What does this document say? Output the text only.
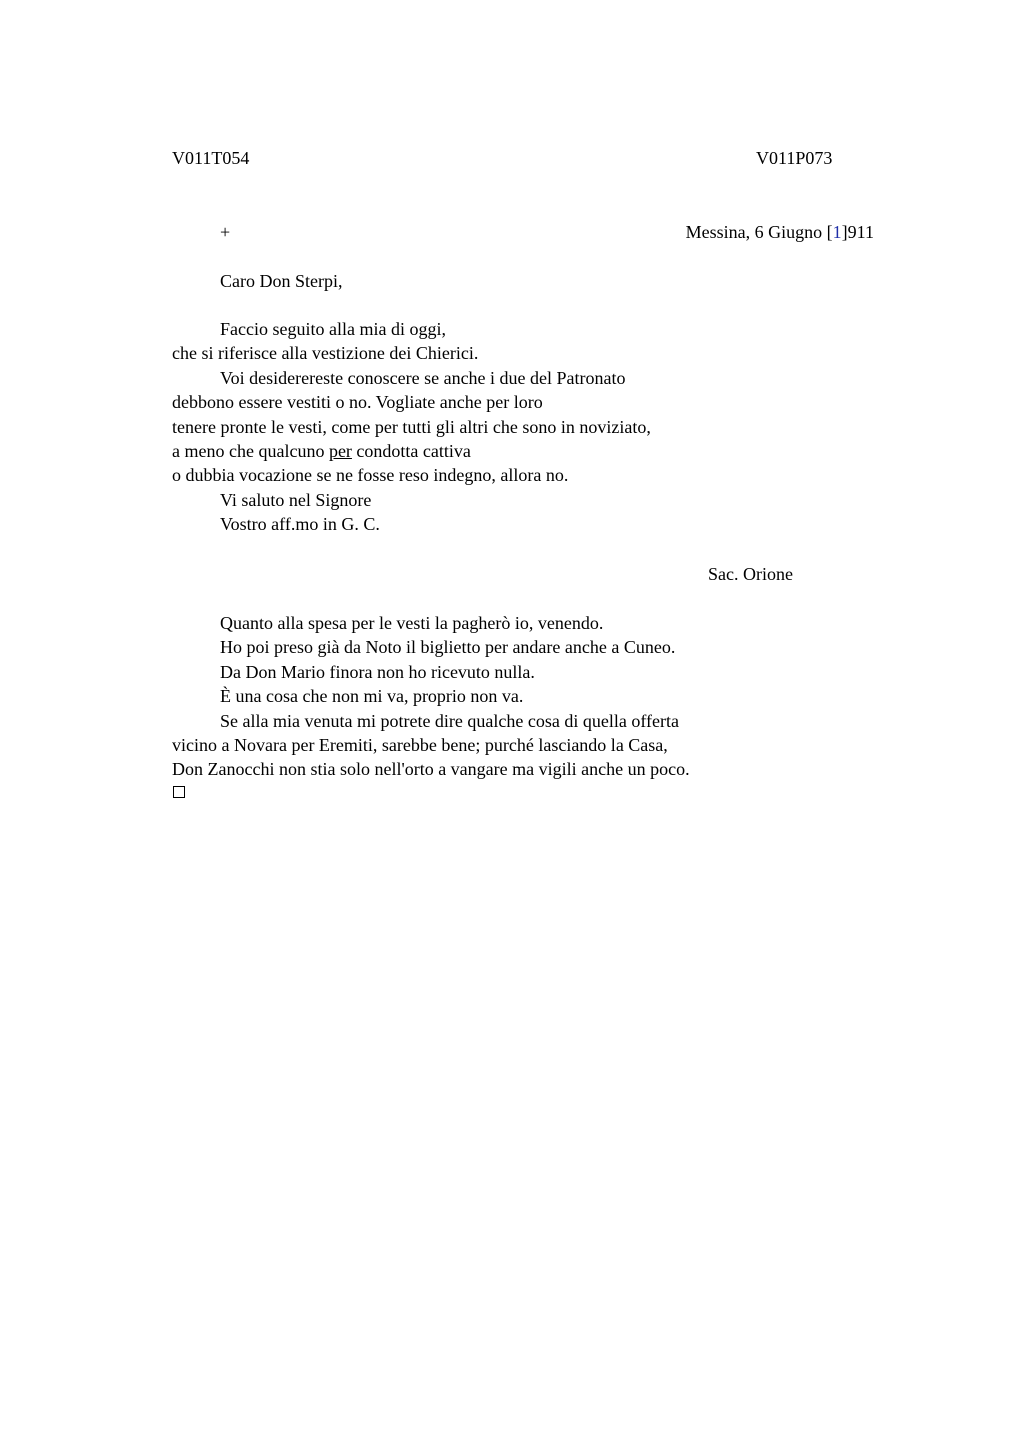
V011T054	V011P073
+	Messina, 6 Giugno [1]911
Caro Don Sterpi,
Faccio seguito alla mia di oggi,
che si riferisce alla vestizione dei Chierici.
Voi desiderereste conoscere se anche i due del Patronato
debbono essere vestiti o no. Vogliate anche per loro
tenere pronte le vesti, come per tutti gli altri che sono in noviziato,
a meno che qualcuno per condotta cattiva
o dubbia vocazione se ne fosse reso indegno, allora no.
Vi saluto nel Signore
Vostro aff.mo in G. C.
Sac. Orione
Quanto alla spesa per le vesti la pagherò io, venendo.
Ho poi preso già da Noto il biglietto per andare anche a Cuneo.
Da Don Mario finora non ho ricevuto nulla.
È una cosa che non mi va, proprio non va.
Se alla mia venuta mi potrete dire qualche cosa di quella offerta
vicino a Novara per Eremiti, sarebbe bene; purché lasciando la Casa,
Don Zanocchi non stia solo nell'orto a vangare ma vigili anche un poco.
